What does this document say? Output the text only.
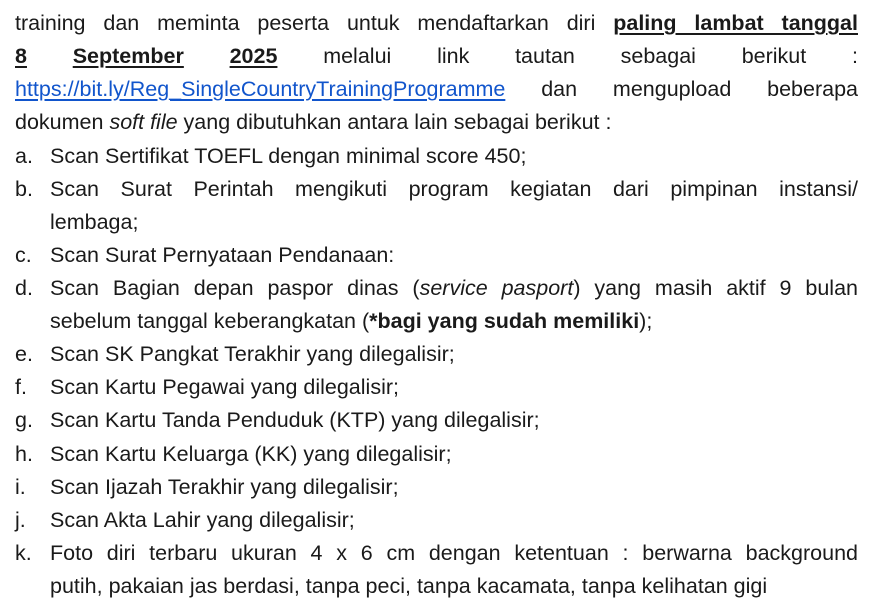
training dan meminta peserta untuk mendaftarkan diri paling lambat tanggal
8 September 2025 melalui link tautan sebagai berikut :
https://bit.ly/Reg_SingleCountryTrainingProgramme dan mengupload beberapa
dokumen soft file yang dibutuhkan antara lain sebagai berikut :
a. Scan Sertifikat TOEFL dengan minimal score 450;
b. Scan Surat Perintah mengikuti program kegiatan dari pimpinan instansi/
lembaga;
c. Scan Surat Pernyataan Pendanaan:
d. Scan Bagian depan paspor dinas (service pasport) yang masih aktif 9 bulan
sebelum tanggal keberangkatan (*bagi yang sudah memiliki);
e. Scan SK Pangkat Terakhir yang dilegalisir;
f.	Scan Kartu Pegawai yang dilegalisir;
g. Scan Kartu Tanda Penduduk (KTP) yang dilegalisir;
h. Scan Kartu Keluarga (KK) yang dilegalisir;
i.	Scan Ijazah Terakhir yang dilegalisir;
j.	Scan Akta Lahir yang dilegalisir;
k. Foto diri terbaru ukuran 4 x 6 cm dengan ketentuan : berwarna background
putih, pakaian jas berdasi, tanpa peci, tanpa kacamata, tanpa kelihatan gigi
